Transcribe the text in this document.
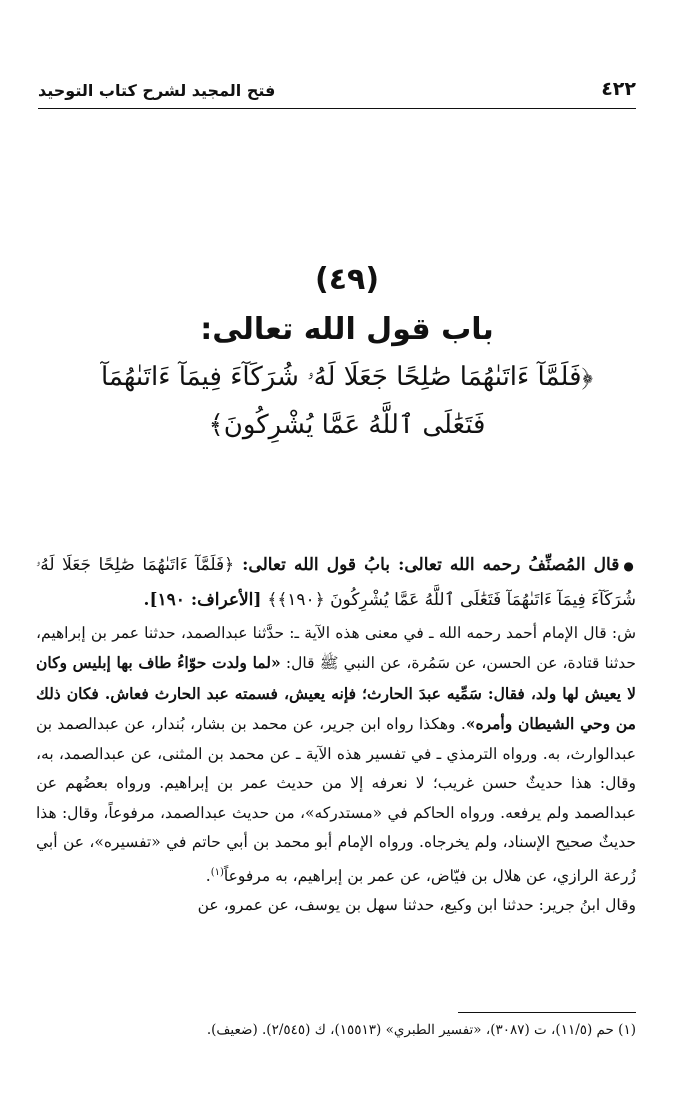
٤٢٢
فتح المجيد لشرح كتاب التوحيد
(٤٩)
باب قول الله تعالى:
﴿فَلَمَّآ ءَاتَىٰهُمَا صَٰلِحًا جَعَلَا لَهُۥ شُرَكَآءَ فِيمَآ ءَاتَىٰهُمَآ
فَتَعَٰلَى ٱللَّهُ عَمَّا يُشْرِكُونَ﴾

●قال المُصنِّفُ رحمه الله تعالى: بابُ قول الله تعالى: ﴿فَلَمَّآ ءَاتَىٰهُمَا صَٰلِحًا جَعَلَا لَهُۥ شُرَكَآءَ فِيمَآ ءَاتَىٰهُمَآ فَتَعَٰلَى ٱللَّهُ عَمَّا يُشْرِكُونَ ﴿١٩٠﴾﴾ [الأعراف: ١٩٠].

ش: قال الإمام أحمد رحمه الله ـ في معنى هذه الآية ـ: حدَّثنا عبدالصمد، حدثنا عمر بن إبراهيم، حدثنا قتادة، عن الحسن، عن سَمُرة، عن النبي ﷺ قال: «لما ولدت حوّاءُ طاف بها إبليس وكان لا يعيش لها ولد، فقال: سَمِّيه عبدَ الحارث؛ فإنه يعيش، فسمته عبد الحارث فعاش. فكان ذلك من وحي الشيطان وأمره». وهكذا رواه ابن جرير، عن محمد بن بشار، بُندار، عن عبدالصمد بن عبدالوارث، به. ورواه الترمذي ـ في تفسير هذه الآية ـ عن محمد بن المثنى، عن عبدالصمد، به، وقال: هذا حديثٌ حسن غريب؛ لا نعرفه إلا من حديث عمر بن إبراهيم. ورواه بعضُهم عن عبدالصمد ولم يرفعه. ورواه الحاكم في «مستدركه»، من حديث عبدالصمد، مرفوعاً، وقال: هذا حديثٌ صحيح الإسناد، ولم يخرجاه. ورواه الإمام أبو محمد بن أبي حاتم في «تفسيره»، عن أبي زُرعة الرازي، عن هلال بن فيّاض، عن عمر بن إبراهيم، به مرفوعاً$^{(١)}$.

وقال ابنُ جرير: حدثنا ابن وكيع، حدثنا سهل بن يوسف، عن عمرو، عن

(١) حم (١١/٥)، ت (٣٠٨٧)، «تفسير الطبري» (١٥٥١٣)، ك (٢/٥٤٥). (ضعيف).
